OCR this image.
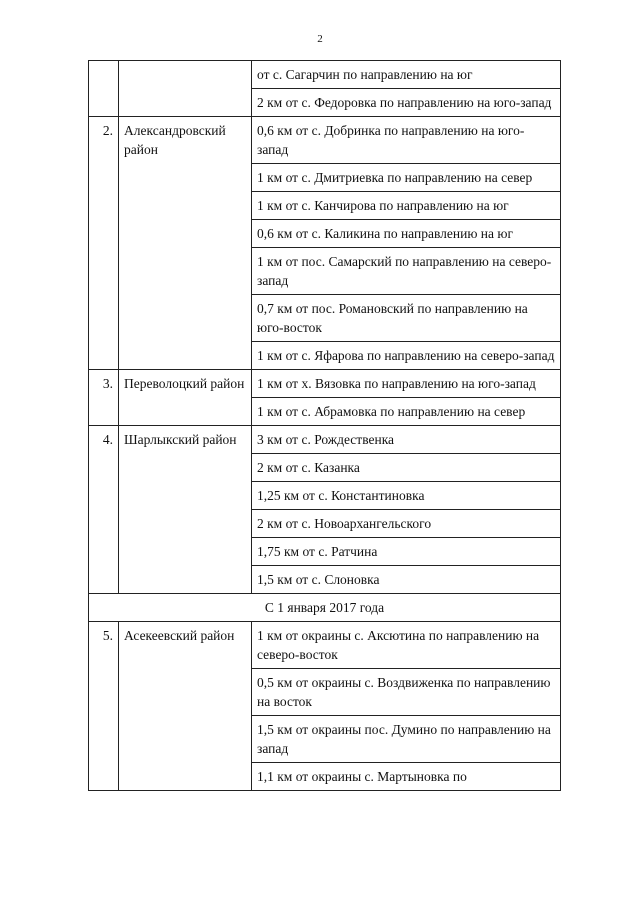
2
		от с. Сагарчин по направлению на юг
		2 км от с. Федоровка по направлению на юго-запад
2.	Александровский район	0,6 км от с. Добринка по направлению на юго-запад
		1 км от с. Дмитриевка по направлению на север
		1 км от с. Канчирова по направлению на юг
		0,6 км от с. Каликина по направлению на юг
		1 км от пос. Самарский по направлению на северо-запад
		0,7 км от пос. Романовский по направлению на юго-восток
		1 км от с. Яфарова по направлению на северо-запад
3.	Переволоцкий район	1 км от х. Вязовка по направлению на юго-запад
		1 км от с. Абрамовка по направлению на север
4.	Шарлыкский район	3 км от с. Рождественка
		2 км от с. Казанка
		1,25 км от с. Константиновка
		2 км от с. Новоархангельского
		1,75 км от с. Ратчина
		1,5 км от с. Слоновка
С 1 января 2017 года		
5.	Асекеевский район	1 км от окраины с. Аксютина по направлению на северо-восток
		0,5 км от окраины с. Воздвиженка по направлению на восток
		1,5 км от окраины пос. Думино по направлению на запад
		1,1 км от окраины с. Мартыновка по
